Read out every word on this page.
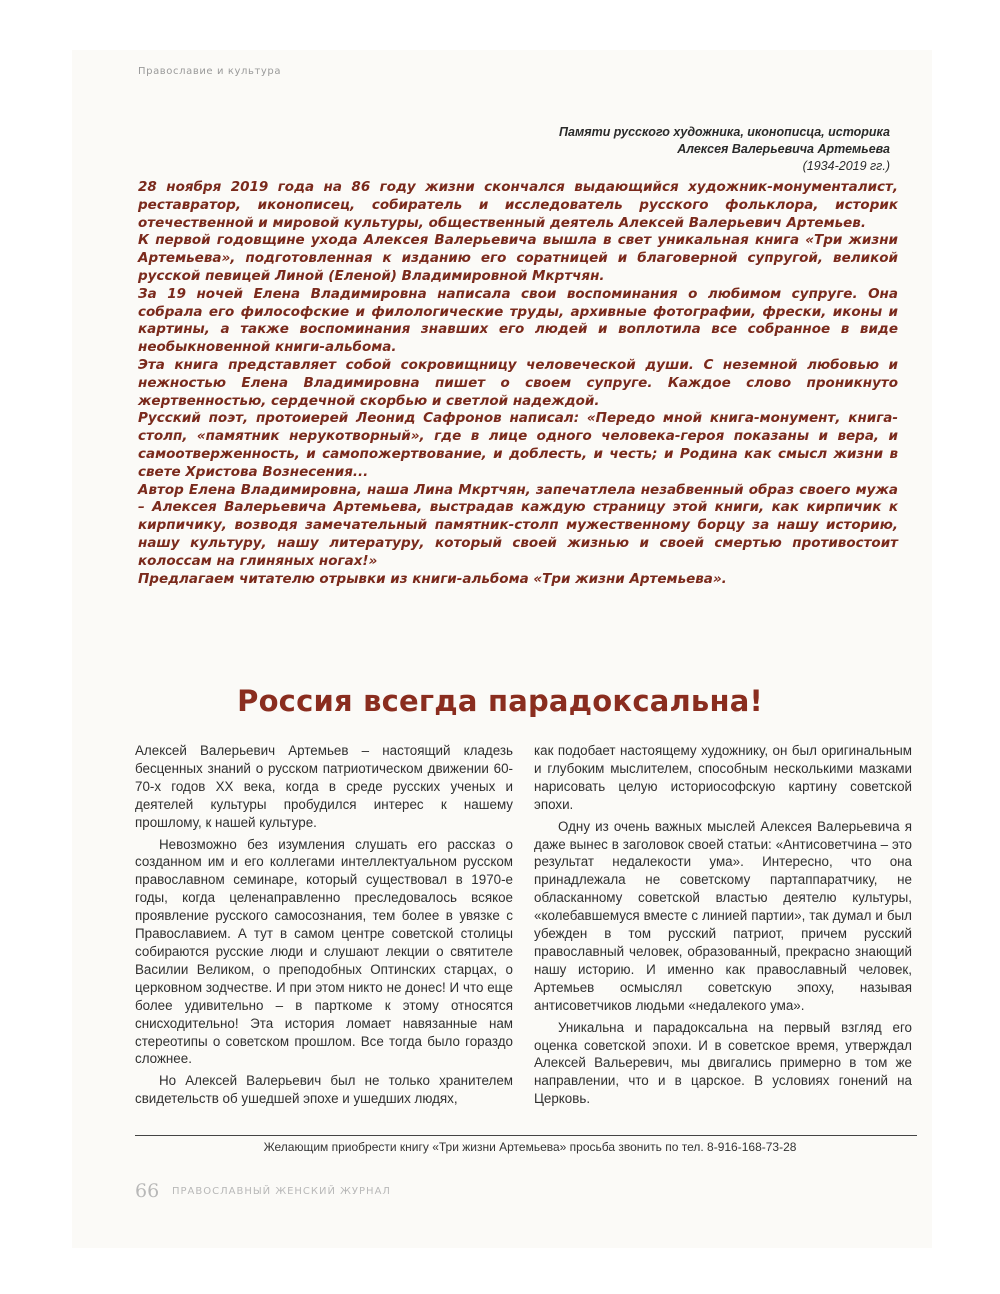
Православие и культура
Памяти русского художника, иконописца, историка
Алексея Валерьевича Артемьева
(1934-2019 гг.)

28 ноября 2019 года на 86 году жизни скончался выдающийся художник-монументалист, реставратор, иконописец, собиратель и исследователь русского фольклора, историк отечественной и мировой культуры, общественный деятель Алексей Валерьевич Артемьев.

К первой годовщине ухода Алексея Валерьевича вышла в свет уникальная книга «Три жизни Артемьева», подготовленная к изданию его соратницей и благоверной супругой, великой русской певицей Линой (Еленой) Владимировной Мкртчян.

За 19 ночей Елена Владимировна написала свои воспоминания о любимом супруге. Она собрала его философские и филологические труды, архивные фотографии, фрески, иконы и картины, а также воспоминания знавших его людей и воплотила все собранное в виде необыкновенной книги-альбома.

Эта книга представляет собой сокровищницу человеческой души. С неземной любовью и нежностью Елена Владимировна пишет о своем супруге. Каждое слово проникнуто жертвенностью, сердечной скорбью и светлой надеждой.

Русский поэт, протоиерей Леонид Сафронов написал: «Передо мной книга-монумент, книга-столп, «памятник нерукотворный», где в лице одного человека-героя показаны и вера, и самоотверженность, и самопожертвование, и доблесть, и честь; и Родина как смысл жизни в свете Христова Вознесения...

Автор Елена Владимировна, наша Лина Мкртчян, запечатлела незабвенный образ своего мужа – Алексея Валерьевича Артемьева, выстрадав каждую страницу этой книги, как кирпичик к кирпичику, возводя замечательный памятник-столп мужественному борцу за нашу историю, нашу культуру, нашу литературу, который своей жизнью и своей смертью противостоит колоссам на глиняных ногах!»

Предлагаем читателю отрывки из книги-альбома «Три жизни Артемьева».

Россия всегда парадоксальна!

Алексей Валерьевич Артемьев – настоящий кладезь бесценных знаний о русском патриотическом движении 60-70-х годов XX века, когда в среде русских ученых и деятелей культуры пробудился интерес к нашему прошлому, к нашей культуре.

Невозможно без изумления слушать его рассказ о созданном им и его коллегами интеллектуальном русском православном семинаре, который существовал в 1970-е годы, когда целенаправленно преследовалось всякое проявление русского самосознания, тем более в увязке с Православием. А тут в самом центре советской столицы собираются русские люди и слушают лекции о святителе Василии Великом, о преподобных Оптинских старцах, о церковном зодчестве. И при этом никто не донес! И что еще более удивительно – в парткоме к этому относятся снисходительно! Эта история ломает навязанные нам стереотипы о советском прошлом. Все тогда было гораздо сложнее.

Но Алексей Валерьевич был не только хранителем свидетельств об ушедшей эпохе и ушедших людях,

как подобает настоящему художнику, он был оригинальным и глубоким мыслителем, способным несколькими мазками нарисовать целую историософскую картину советской эпохи.

Одну из очень важных мыслей Алексея Валерьевича я даже вынес в заголовок своей статьи: «Антисоветчина – это результат недалекости ума». Интересно, что она принадлежала не советскому партаппаратчику, не обласканному советской властью деятелю культуры, «колебавшемуся вместе с линией партии», так думал и был убежден в том русский патриот, причем русский православный человек, образованный, прекрасно знающий нашу историю. И именно как православный человек, Артемьев осмыслял советскую эпоху, называя антисоветчиков людьми «недалекого ума».

Уникальна и парадоксальна на первый взгляд его оценка советской эпохи. И в советское время, утверждал Алексей Вальеревич, мы двигались примерно в том же направлении, что и в царское. В условиях гонений на Церковь.

Желающим приобрести книгу «Три жизни Артемьева» просьба звонить по тел. 8-916-168-73-28
66 ПРАВОСЛАВНЫЙ ЖЕНСКИЙ ЖУРНАЛ
